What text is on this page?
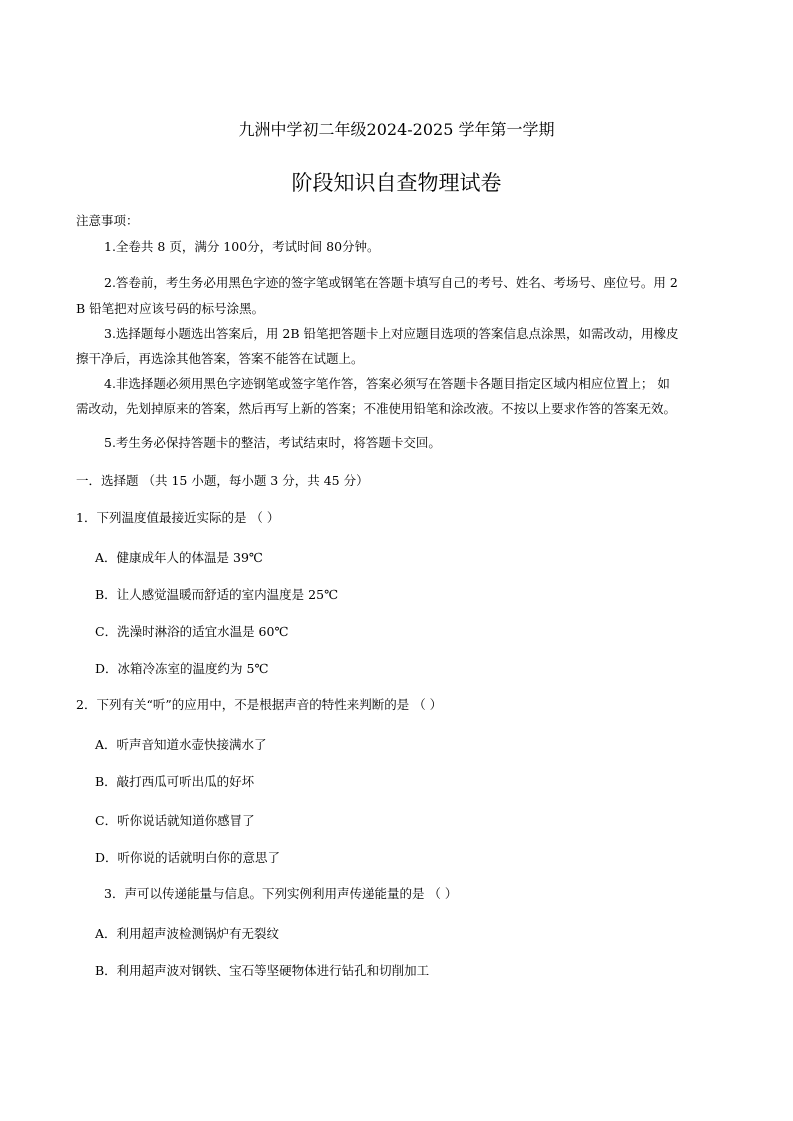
九洲中学初二年级2024-2025 学年第一学期
阶段知识自查物理试卷
注意事项：
1.全卷共 8 页，满分 100分，考试时间 80分钟。
2.答卷前，考生务必用黑色字迹的签字笔或钢笔在答题卡填写自己的考号、姓名、考场号、座位号。用 2
B 铅笔把对应该号码的标号涂黑。
3.选择题每小题选出答案后，用 2B 铅笔把答题卡上对应题目选项的答案信息点涂黑，如需改动，用橡皮
擦干净后，再选涂其他答案，答案不能答在试题上。
4.非选择题必须用黑色字迹钢笔或签字笔作答，答案必须写在答题卡各题目指定区域内相应位置上； 如
需改动，先划掉原来的答案，然后再写上新的答案；不准使用铅笔和涂改液。不按以上要求作答的答案无效。
5.考生务必保持答题卡的整洁，考试结束时，将答题卡交回。
一．选择题 （共 15 小题，每小题 3 分，共 45 分）
1．下列温度值最接近实际的是 （ ）
A．健康成年人的体温是 39℃
B．让人感觉温暖而舒适的室内温度是 25℃
C．洗澡时淋浴的适宜水温是 60℃
D．冰箱冷冻室的温度约为 5℃
2．下列有关“听”的应用中，不是根据声音的特性来判断的是 （ ）
A．听声音知道水壶快接满水了
B．敲打西瓜可听出瓜的好坏
C．听你说话就知道你感冒了
D．听你说的话就明白你的意思了
3．声可以传递能量与信息。下列实例利用声传递能量的是 （ ）
A．利用超声波检测锅炉有无裂纹
B．利用超声波对钢铁、宝石等坚硬物体进行钻孔和切削加工
